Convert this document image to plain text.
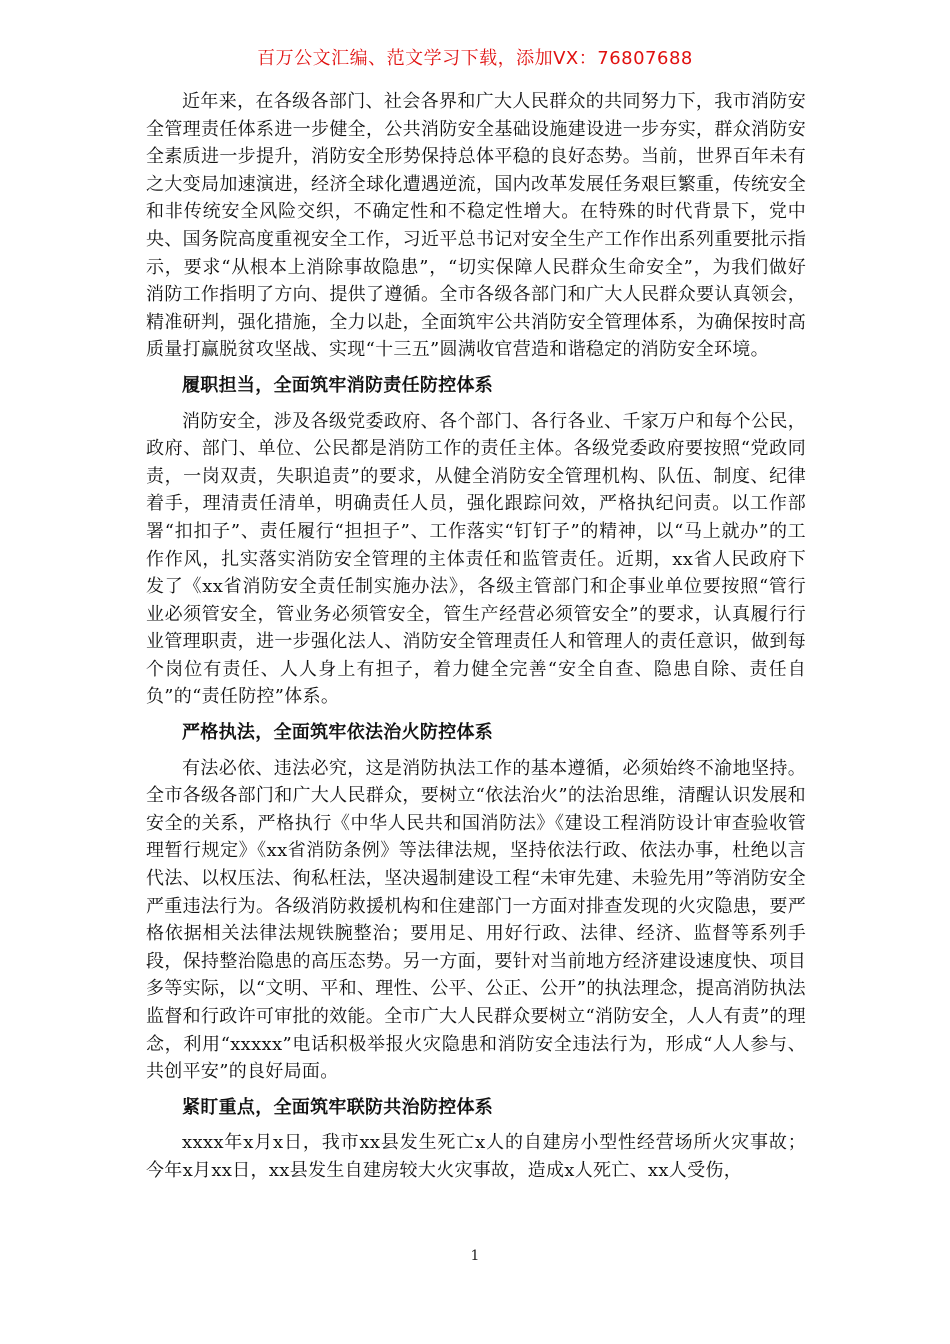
百万公文汇编、范文学习下载，添加VX：76807688

近年来，在各级各部门、社会各界和广大人民群众的共同努力下，我市消防安全管理责任体系进一步健全，公共消防安全基础设施建设进一步夯实，群众消防安全素质进一步提升，消防安全形势保持总体平稳的良好态势。当前，世界百年未有之大变局加速演进，经济全球化遭遇逆流，国内改革发展任务艰巨繁重，传统安全和非传统安全风险交织，不确定性和不稳定性增大。在特殊的时代背景下，党中央、国务院高度重视安全工作，习近平总书记对安全生产工作作出系列重要批示指示，要求“从根本上消除事故隐患”，“切实保障人民群众生命安全”，为我们做好消防工作指明了方向、提供了遵循。全市各级各部门和广大人民群众要认真领会，精准研判，强化措施，全力以赴，全面筑牢公共消防安全管理体系，为确保按时高质量打赢脱贫攻坚战、实现“十三五”圆满收官营造和谐稳定的消防安全环境。

履职担当，全面筑牢消防责任防控体系

消防安全，涉及各级党委政府、各个部门、各行各业、千家万户和每个公民，政府、部门、单位、公民都是消防工作的责任主体。各级党委政府要按照“党政同责，一岗双责，失职追责”的要求，从健全消防安全管理机构、队伍、制度、纪律着手，理清责任清单，明确责任人员，强化跟踪问效，严格执纪问责。以工作部署“扣扣子”、责任履行“担担子”、工作落实“钉钉子”的精神，以“马上就办”的工作作风，扎实落实消防安全管理的主体责任和监管责任。近期，xx省人民政府下发了《xx省消防安全责任制实施办法》，各级主管部门和企事业单位要按照“管行业必须管安全，管业务必须管安全，管生产经营必须管安全”的要求，认真履行行业管理职责，进一步强化法人、消防安全管理责任人和管理人的责任意识，做到每个岗位有责任、人人身上有担子，着力健全完善“安全自查、隐患自除、责任自负”的“责任防控”体系。

严格执法，全面筑牢依法治火防控体系

有法必依、违法必究，这是消防执法工作的基本遵循，必须始终不渝地坚持。全市各级各部门和广大人民群众，要树立“依法治火”的法治思维，清醒认识发展和安全的关系，严格执行《中华人民共和国消防法》《建设工程消防设计审查验收管理暂行规定》《xx省消防条例》等法律法规，坚持依法行政、依法办事，杜绝以言代法、以权压法、徇私枉法，坚决遏制建设工程“未审先建、未验先用”等消防安全严重违法行为。各级消防救援机构和住建部门一方面对排查发现的火灾隐患，要严格依据相关法律法规铁腕整治；要用足、用好行政、法律、经济、监督等系列手段，保持整治隐患的高压态势。另一方面，要针对当前地方经济建设速度快、项目多等实际，以“文明、平和、理性、公平、公正、公开”的执法理念，提高消防执法监督和行政许可审批的效能。全市广大人民群众要树立“消防安全，人人有责”的理念，利用“xxxxx”电话积极举报火灾隐患和消防安全违法行为，形成“人人参与、共创平安”的良好局面。

紧盯重点，全面筑牢联防共治防控体系

xxxx年x月x日，我市xx县发生死亡x人的自建房小型性经营场所火灾事故；今年x月xx日，xx县发生自建房较大火灾事故，造成x人死亡、xx人受伤，

1
